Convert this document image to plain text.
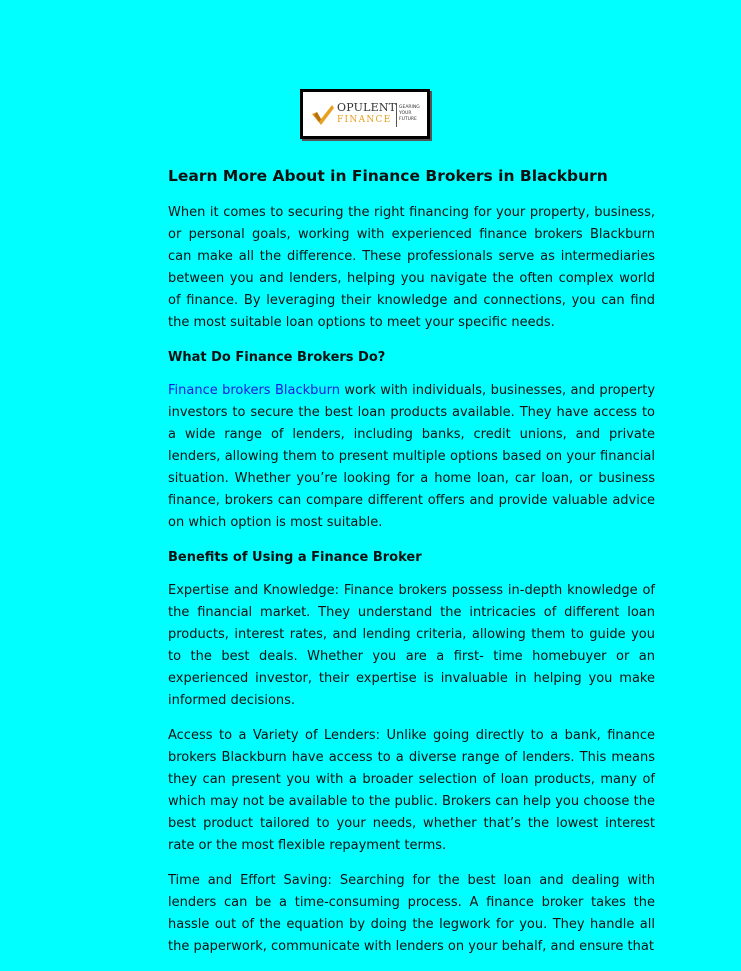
OPULENT
FINANCE
GEARING YOUR FUTURE
Learn More About in Finance Brokers in Blackburn

When it comes to securing the right financing for your property, business, or personal goals, working with experienced finance brokers Blackburn can make all the difference. These professionals serve as intermediaries between you and lenders, helping you navigate the often complex world of finance. By leveraging their knowledge and connections, you can find the most suitable loan options to meet your specific needs.

What Do Finance Brokers Do?

Finance brokers Blackburn work with individuals, businesses, and property investors to secure the best loan products available. They have access to a wide range of lenders, including banks, credit unions, and private lenders, allowing them to present multiple options based on your financial situation. Whether you’re looking for a home loan, car loan, or business finance, brokers can compare different offers and provide valuable advice on which option is most suitable.

Benefits of Using a Finance Broker

Expertise and Knowledge: Finance brokers possess in-depth knowledge of the financial market. They understand the intricacies of different loan products, interest rates, and lending criteria, allowing them to guide you to the best deals. Whether you are a first- time homebuyer or an experienced investor, their expertise is invaluable in helping you make informed decisions.

Access to a Variety of Lenders: Unlike going directly to a bank, finance brokers Blackburn have access to a diverse range of lenders. This means they can present you with a broader selection of loan products, many of which may not be available to the public. Brokers can help you choose the best product tailored to your needs, whether that’s the lowest interest rate or the most flexible repayment terms.

Time and Effort Saving: Searching for the best loan and dealing with lenders can be a time-consuming process. A finance broker takes the hassle out of the equation by doing the legwork for you. They handle all the paperwork, communicate with lenders on your behalf, and ensure that
